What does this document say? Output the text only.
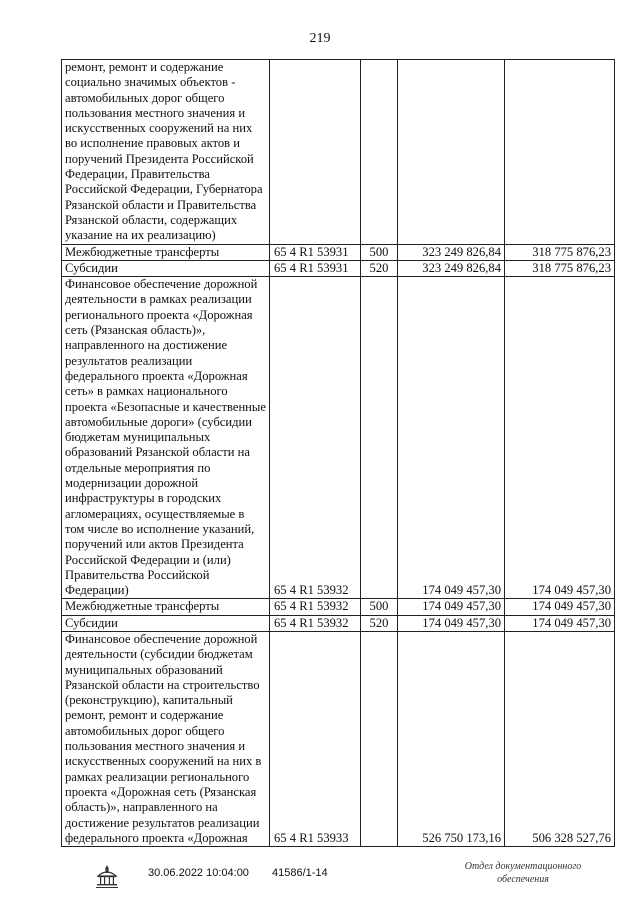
219
ремонт, ремонт и содержание социально значимых объектов - автомобильных дорог общего пользования местного значения и искусственных сооружений на них во исполнение правовых актов и поручений Президента Российской Федерации, Правительства Российской Федерации, Губернатора Рязанской области и Правительства Рязанской области, содержащих указание на их реализацию)				
Межбюджетные трансферты	65 4 R1 53931	500	323 249 826,84	318 775 876,23
Субсидии	65 4 R1 53931	520	323 249 826,84	318 775 876,23
Финансовое обеспечение дорожной деятельности в рамках реализации регионального проекта «Дорожная сеть (Рязанская область)», направленного на достижение результатов реализации федерального проекта «Дорожная сеть» в рамках национального проекта «Безопасные и качественные автомобильные дороги» (субсидии бюджетам муниципальных образований Рязанской области на отдельные мероприятия по модернизации дорожной инфраструктуры в городских агломерациях, осуществляемые в том числе во исполнение указаний, поручений или актов Президента Российской Федерации и (или) Правительства Российской Федерации)	65 4 R1 53932		174 049 457,30	174 049 457,30
Межбюджетные трансферты	65 4 R1 53932	500	174 049 457,30	174 049 457,30
Субсидии	65 4 R1 53932	520	174 049 457,30	174 049 457,30
Финансовое обеспечение дорожной деятельности (субсидии бюджетам муниципальных образований Рязанской области на строительство (реконструкцию), капитальный ремонт, ремонт и содержание автомобильных дорог общего пользования местного значения и искусственных сооружений на них в рамках реализации регионального проекта «Дорожная сеть (Рязанская область)», направленного на достижение результатов реализации федерального проекта «Дорожная	65 4 R1 53933		526 750 173,16	506 328 527,76
30.06.2022 10:04:00 41586/1-14
Отдел документационного
обеспечения
